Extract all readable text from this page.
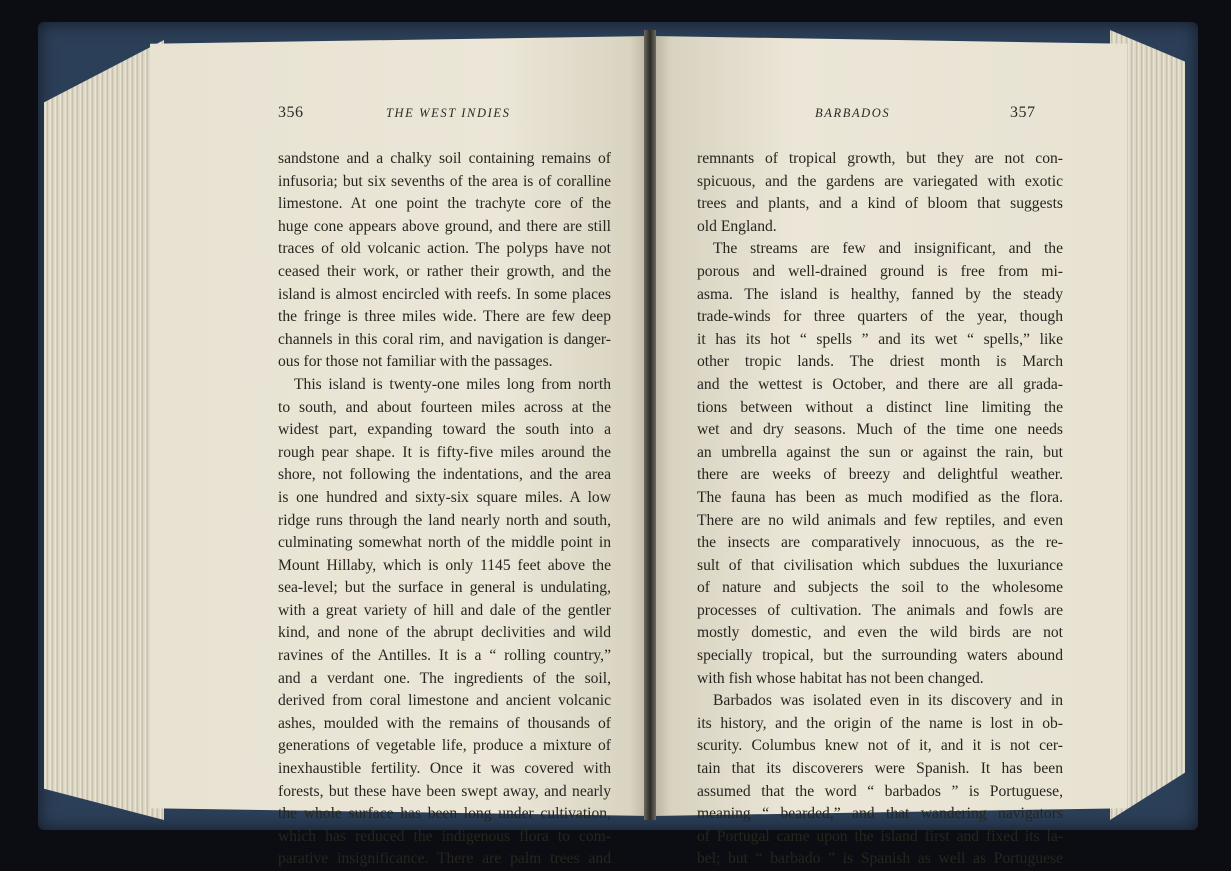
356	THE WEST INDIES	BARBADOS	357
sandstone and a chalky soil containing remains of
infusoria; but six sevenths of the area is of coralline
limestone. At one point the trachyte core of the
huge cone appears above ground, and there are still
traces of old volcanic action. The polyps have not
ceased their work, or rather their growth, and the
island is almost encircled with reefs. In some places
the fringe is three miles wide. There are few deep
channels in this coral rim, and navigation is danger-
ous for those not familiar with the passages.
This island is twenty-one miles long from north
to south, and about fourteen miles across at the
widest part, expanding toward the south into a
rough pear shape. It is fifty-five miles around the
shore, not following the indentations, and the area
is one hundred and sixty-six square miles. A low
ridge runs through the land nearly north and south,
culminating somewhat north of the middle point in
Mount Hillaby, which is only 1145 feet above the
sea-level; but the surface in general is undulating,
with a great variety of hill and dale of the gentler
kind, and none of the abrupt declivities and wild
ravines of the Antilles. It is a “ rolling country,”
and a verdant one. The ingredients of the soil,
derived from coral limestone and ancient volcanic
ashes, moulded with the remains of thousands of
generations of vegetable life, produce a mixture of
inexhaustible fertility. Once it was covered with
forests, but these have been swept away, and nearly
the whole surface has been long under cultivation,
which has reduced the indigenous flora to com-
parative insignificance. There are palm trees and
remnants of tropical growth, but they are not con-
spicuous, and the gardens are variegated with exotic
trees and plants, and a kind of bloom that suggests
old England.
The streams are few and insignificant, and the
porous and well-drained ground is free from mi-
asma. The island is healthy, fanned by the steady
trade-winds for three quarters of the year, though
it has its hot “ spells ” and its wet “ spells,” like
other tropic lands. The driest month is March
and the wettest is October, and there are all grada-
tions between without a distinct line limiting the
wet and dry seasons. Much of the time one needs
an umbrella against the sun or against the rain, but
there are weeks of breezy and delightful weather.
The fauna has been as much modified as the flora.
There are no wild animals and few reptiles, and even
the insects are comparatively innocuous, as the re-
sult of that civilisation which subdues the luxuriance
of nature and subjects the soil to the wholesome
processes of cultivation. The animals and fowls are
mostly domestic, and even the wild birds are not
specially tropical, but the surrounding waters abound
with fish whose habitat has not been changed.
Barbados was isolated even in its discovery and in
its history, and the origin of the name is lost in ob-
scurity. Columbus knew not of it, and it is not cer-
tain that its discoverers were Spanish. It has been
assumed that the word “ barbados ” is Portuguese,
meaning “ bearded,” and that wandering navigators
of Portugal came upon the island first and fixed its la-
bel; but “ barbado ” is Spanish as well as Portuguese
